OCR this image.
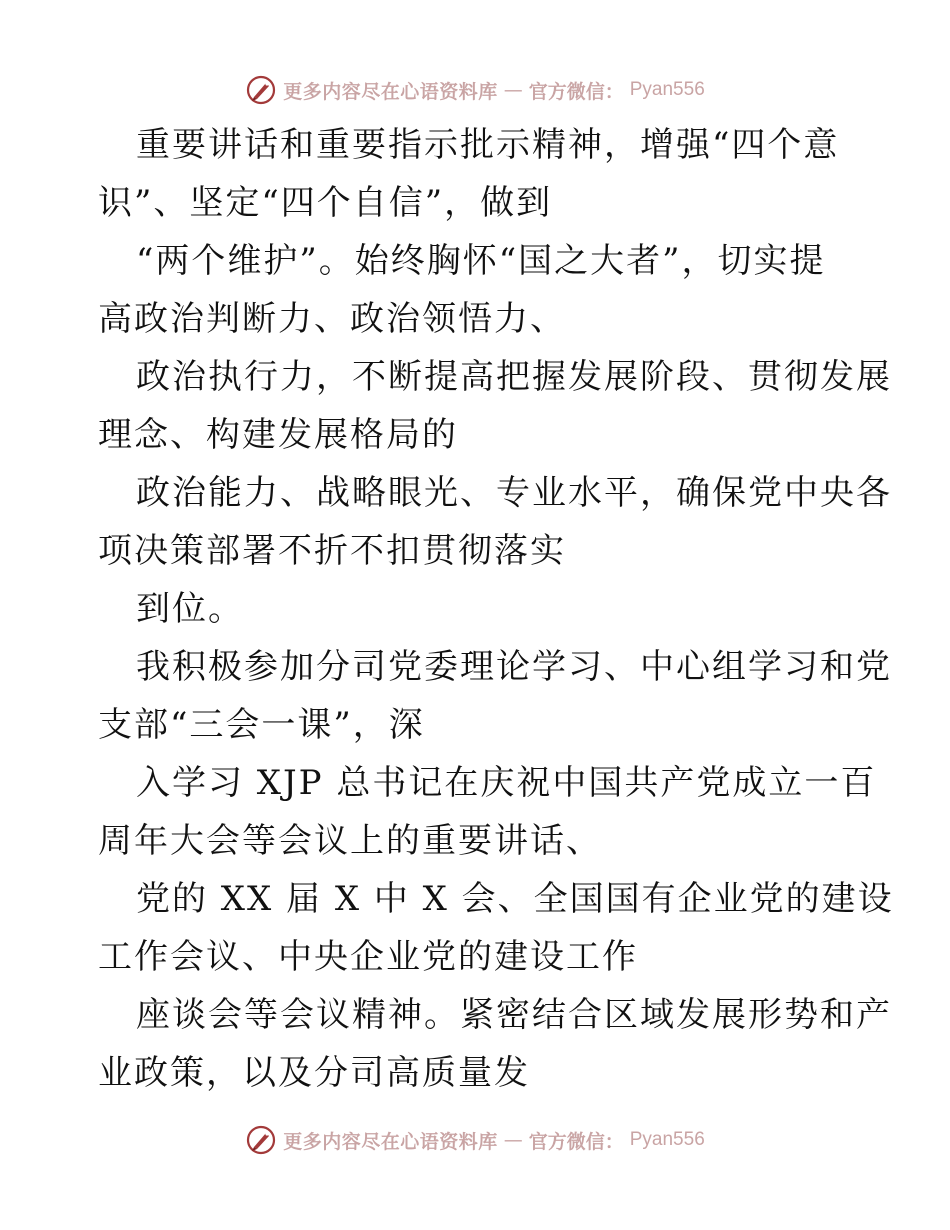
更多内容尽在心语资料库 — 官方微信： Pyan556
重要讲话和重要指示批示精神，增强“四个意
识”、坚定“四个自信”，做到
“两个维护”。始终胸怀“国之大者”，切实提
高政治判断力、政治领悟力、
政治执行力，不断提高把握发展阶段、贯彻发展
理念、构建发展格局的
政治能力、战略眼光、专业水平，确保党中央各
项决策部署不折不扣贯彻落实
到位。
我积极参加分司党委理论学习、中心组学习和党
支部“三会一课”，深
入学习 XJP 总书记在庆祝中国共产党成立一百
周年大会等会议上的重要讲话、
党的 XX 届 X 中 X 会、全国国有企业党的建设
工作会议、中央企业党的建设工作
座谈会等会议精神。紧密结合区域发展形势和产
业政策，以及分司高质量发
更多内容尽在心语资料库 — 官方微信： Pyan556
